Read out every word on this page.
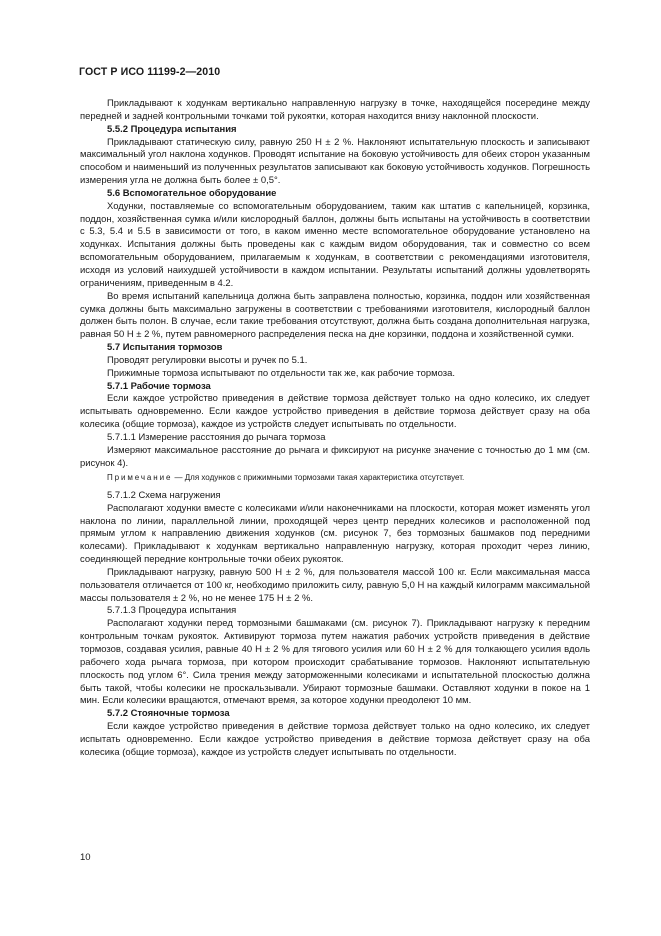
ГОСТ Р ИСО 11199-2—2010
Прикладывают к ходункам вертикально направленную нагрузку в точке, находящейся посередине между передней и задней контрольными точками той рукоятки, которая находится внизу наклонной плоскости.
5.5.2 Процедура испытания
Прикладывают статическую силу, равную 250 Н ± 2 %. Наклоняют испытательную плоскость и записывают максимальный угол наклона ходунков. Проводят испытание на боковую устойчивость для обеих сторон указанным способом и наименьший из полученных результатов записывают как боковую устойчивость ходунков. Погрешность измерения угла не должна быть более ± 0,5°.
5.6 Вспомогательное оборудование
Ходунки, поставляемые со вспомогательным оборудованием, таким как штатив с капельницей, корзинка, поддон, хозяйственная сумка и/или кислородный баллон, должны быть испытаны на устойчивость в соответствии с 5.3, 5.4 и 5.5 в зависимости от того, в каком именно месте вспомогательное оборудование установлено на ходунках. Испытания должны быть проведены как с каждым видом оборудования, так и совместно со всем вспомогательным оборудованием, прилагаемым к ходункам, в соответствии с рекомендациями изготовителя, исходя из условий наихудшей устойчивости в каждом испытании. Результаты испытаний должны удовлетворять ограничениям, приведенным в 4.2.
Во время испытаний капельница должна быть заправлена полностью, корзинка, поддон или хозяйственная сумка должны быть максимально загружены в соответствии с требованиями изготовителя, кислородный баллон должен быть полон. В случае, если такие требования отсутствуют, должна быть создана дополнительная нагрузка, равная 50 Н ± 2 %, путем равномерного распределения песка на дне корзинки, поддона и хозяйственной сумки.
5.7 Испытания тормозов
Проводят регулировки высоты и ручек по 5.1.
Прижимные тормоза испытывают по отдельности так же, как рабочие тормоза.
5.7.1 Рабочие тормоза
Если каждое устройство приведения в действие тормоза действует только на одно колесико, их следует испытывать одновременно. Если каждое устройство приведения в действие тормоза действует сразу на оба колесика (общие тормоза), каждое из устройств следует испытывать по отдельности.
5.7.1.1 Измерение расстояния до рычага тормоза
Измеряют максимальное расстояние до рычага и фиксируют на рисунке значение с точностью до 1 мм (см. рисунок 4).
Примечание — Для ходунков с прижимными тормозами такая характеристика отсутствует.
5.7.1.2 Схема нагружения
Располагают ходунки вместе с колесиками и/или наконечниками на плоскости, которая может изменять угол наклона по линии, параллельной линии, проходящей через центр передних колесиков и расположенной под прямым углом к направлению движения ходунков (см. рисунок 7, без тормозных башмаков под передними колесами). Прикладывают к ходункам вертикально направленную нагрузку, которая проходит через линию, соединяющей передние контрольные точки обеих рукояток.
Прикладывают нагрузку, равную 500 Н ± 2 %, для пользователя массой 100 кг. Если максимальная масса пользователя отличается от 100 кг, необходимо приложить силу, равную 5,0 Н на каждый килограмм максимальной массы пользователя ± 2 %, но не менее 175 Н ± 2 %.
5.7.1.3 Процедура испытания
Располагают ходунки перед тормозными башмаками (см. рисунок 7). Прикладывают нагрузку к передним контрольным точкам рукояток. Активируют тормоза путем нажатия рабочих устройств приведения в действие тормозов, создавая усилия, равные 40 Н ± 2 % для тягового усилия или 60 Н ± 2 % для толкающего усилия вдоль рабочего хода рычага тормоза, при котором происходит срабатывание тормозов. Наклоняют испытательную плоскость под углом 6°. Сила трения между заторможенными колесиками и испытательной плоскостью должна быть такой, чтобы колесики не проскальзывали. Убирают тормозные башмаки. Оставляют ходунки в покое на 1 мин. Если колесики вращаются, отмечают время, за которое ходунки преодолеют 10 мм.
5.7.2 Стояночные тормоза
Если каждое устройство приведения в действие тормоза действует только на одно колесико, их следует испытать одновременно. Если каждое устройство приведения в действие тормоза действует сразу на оба колесика (общие тормоза), каждое из устройств следует испытывать по отдельности.
10
